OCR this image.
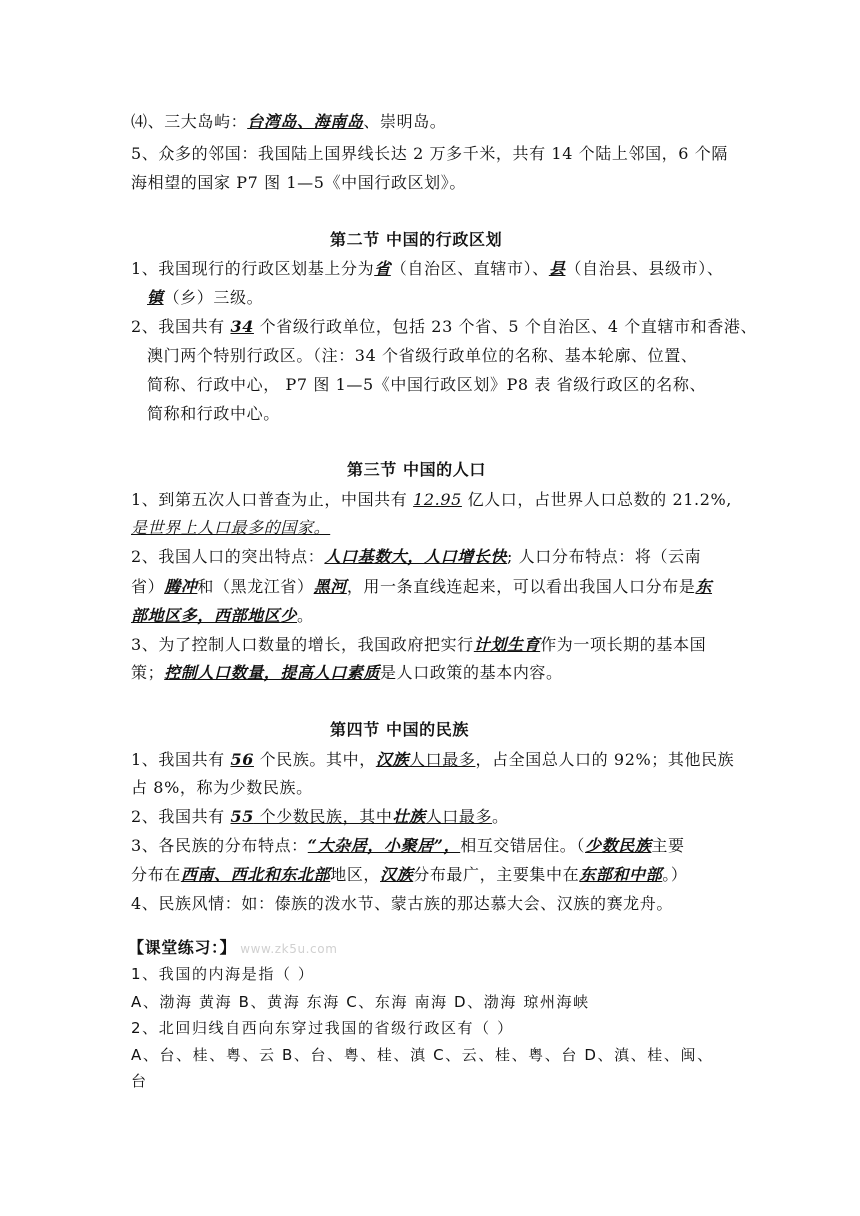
⑷、三大岛屿：台湾岛、海南岛、崇明岛。
5、众多的邻国：我国陆上国界线长达 2 万多千米，共有 14 个陆上邻国，6 个隔
海相望的国家 P7 图 1—5《中国行政区划》。
第二节 中国的行政区划
1、我国现行的行政区划基上分为省（自治区、直辖市）、县（自治县、县级市）、
镇（乡）三级。
2、我国共有 34 个省级行政单位，包括 23 个省、5 个自治区、4 个直辖市和香港、
澳门两个特别行政区。（注：34 个省级行政单位的名称、基本轮廓、位置、
简称、行政中心， P7 图 1—5《中国行政区划》P8 表 省级行政区的名称、
简称和行政中心。
第三节 中国的人口
1、到第五次人口普查为止，中国共有 12.95 亿人口，占世界人口总数的 21.2%,
是世界上人口最多的国家。
2、我国人口的突出特点：人口基数大，人口增长快; 人口分布特点：将（云南
省）腾冲和（黑龙江省）黑河，用一条直线连起来，可以看出我国人口分布是东
部地区多，西部地区少。
3、为了控制人口数量的增长，我国政府把实行计划生育作为一项长期的基本国
策；控制人口数量，提高人口素质是人口政策的基本内容。
第四节 中国的民族
1、我国共有 56 个民族。其中，汉族人口最多，占全国总人口的 92%；其他民族
占 8%，称为少数民族。
2、我国共有 55 个少数民族，其中壮族人口最多。
3、各民族的分布特点：“大杂居，小聚居”，相互交错居住。（少数民族主要
分布在西南、西北和东北部地区，汉族分布最广，主要集中在东部和中部。）
4、民族风情：如：傣族的泼水节、蒙古族的那达慕大会、汉族的赛龙舟。
【课堂练习：】 www.zk5u.com
1、我国的内海是指（ ）
A、渤海 黄海 B、黄海 东海 C、东海 南海 D、渤海 琼州海峡
2、北回归线自西向东穿过我国的省级行政区有（ ）
A、台、桂、粤、云 B、台、粤、桂、滇 C、云、桂、粤、台 D、滇、桂、闽、
台
